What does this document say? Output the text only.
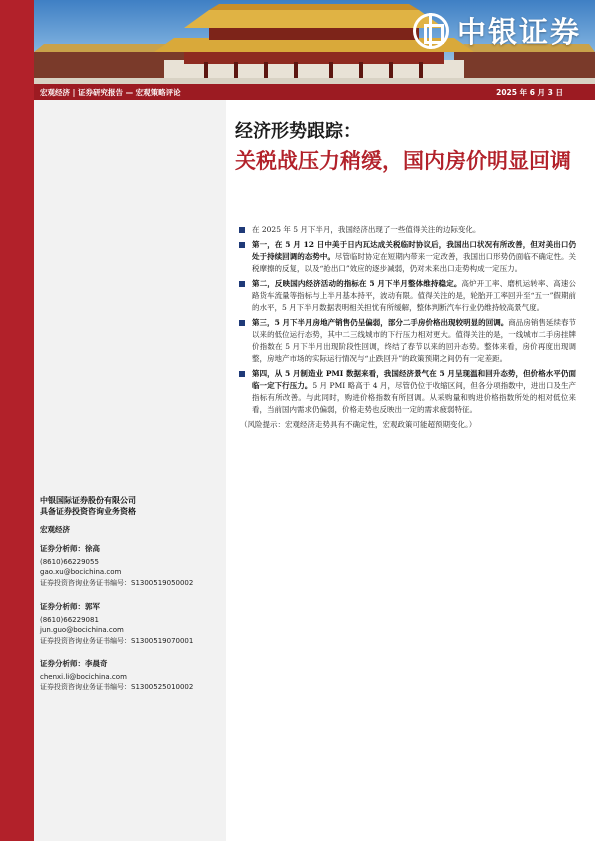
中银证券
宏观经济 | 证券研究报告 — 宏观策略评论	2025 年 6 月 3 日
中银国际证券股份有限公司
具备证券投资咨询业务资格
宏观经济
证券分析师：徐高
(8610)66229055
gao.xu@bocichina.com
证券投资咨询业务证书编号：S1300519050002
证券分析师：郭军
(8610)66229081
jun.guo@bocichina.com
证券投资咨询业务证书编号：S1300519070001
证券分析师：李晨奇
chenxi.li@bocichina.com
证券投资咨询业务证书编号：S1300525010002
经济形势跟踪：
关税战压力稍缓，国内房价明显回调
在 2025 年 5 月下半月，我国经济出现了一些值得关注的边际变化。
第一，在 5 月 12 日中美于日内瓦达成关税临时协议后，我国出口状况有所改善，但对美出口仍处于持续回调的态势中。尽管临时协定在短期内带来一定改善，我国出口形势仍面临不确定性。关税摩擦的反复，以及“抢出口”效应的逐步减弱，仍对未来出口走势构成一定压力。
第二，反映国内经济活动的指标在 5 月下半月整体维持稳定。高炉开工率、磨机运转率、高速公路货车流量等指标与上半月基本持平，波动有限。值得关注的是，轮胎开工率回升至“五一”假期前的水平，5 月下半月数据表明相关担忧有所缓解，整体判断汽车行业仍维持较高景气度。
第三，5 月下半月房地产销售仍呈偏弱，部分二手房价格出现较明显的回调。商品房销售延续春节以来的低位运行态势，其中二三线城市的下行压力相对更大。值得关注的是，一线城市二手房挂牌价指数在 5 月下半月出现阶段性回调，终结了春节以来的回升态势。整体来看，房价再度出现调整，房地产市场的实际运行情况与“止跌回升”的政策预期之间仍有一定差距。
第四，从 5 月制造业 PMI 数据来看，我国经济景气在 5 月呈现温和回升态势，但价格水平仍面临一定下行压力。5 月 PMI 略高于 4 月，尽管仍位于收缩区间，但各分项指数中，进出口及生产指标有所改善。与此同时，购进价格指数有所回调。从采购量和购进价格指数所处的相对低位来看，当前国内需求仍偏弱，价格走势也反映出一定的需求疲弱特征。
（风险提示：宏观经济走势具有不确定性，宏观政策可能超预期变化。）
